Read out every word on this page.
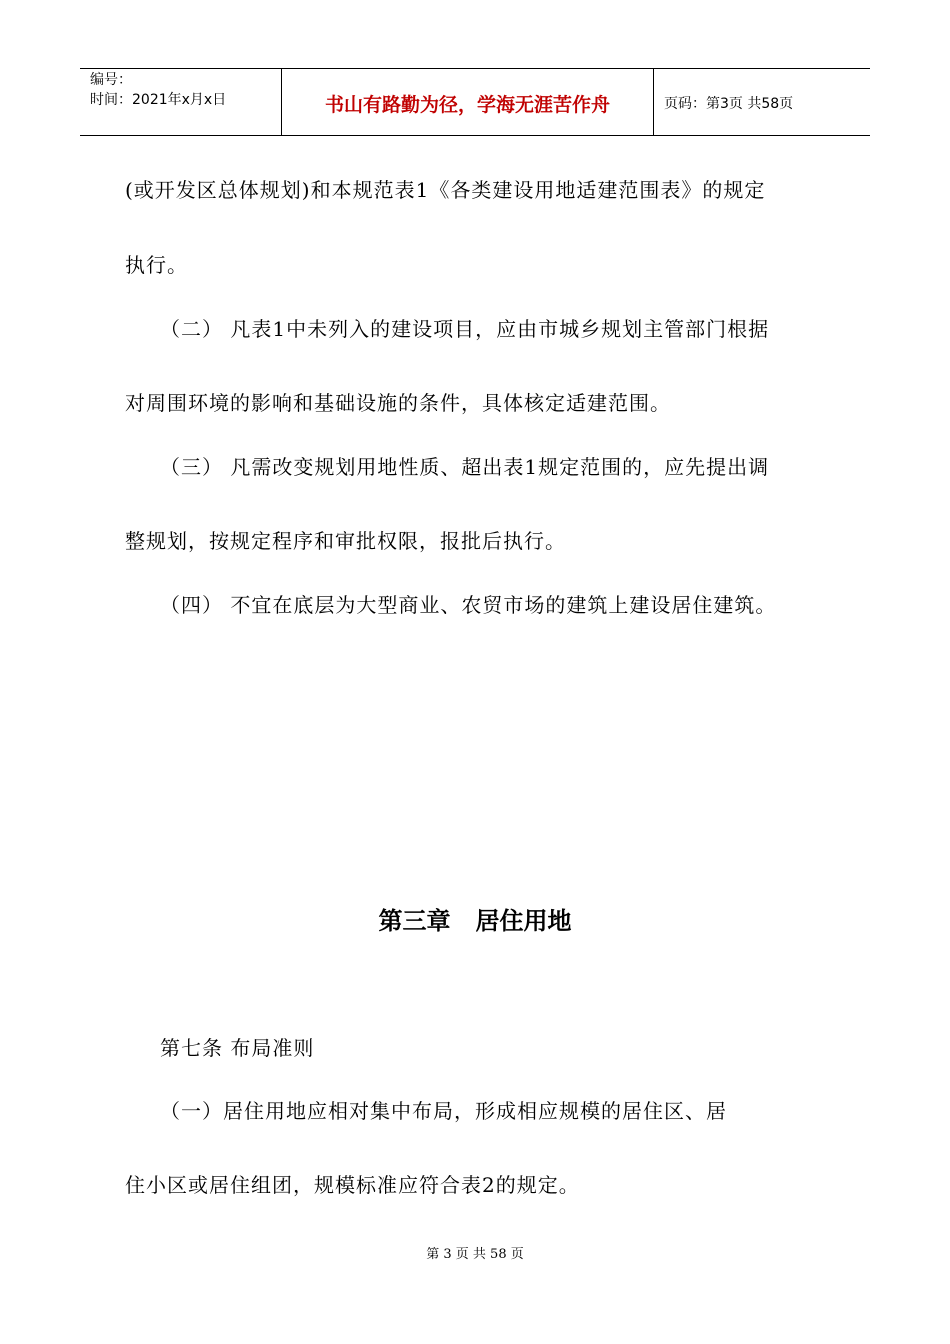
编号：
时间：2021年x月x日	书山有路勤为径，学海无涯苦作舟	页码：第3页 共58页
(或开发区总体规划)和本规范表1《各类建设用地适建范围表》的规定
执行。
（二） 凡表1中未列入的建设项目，应由市城乡规划主管部门根据
对周围环境的影响和基础设施的条件，具体核定适建范围。
（三） 凡需改变规划用地性质、超出表1规定范围的，应先提出调
整规划，按规定程序和审批权限，报批后执行。
（四） 不宜在底层为大型商业、农贸市场的建筑上建设居住建筑。
第三章   居住用地
第七条 布局准则
（一）居住用地应相对集中布局，形成相应规模的居住区、居
住小区或居住组团，规模标准应符合表2的规定。
第 3 页 共 58 页
